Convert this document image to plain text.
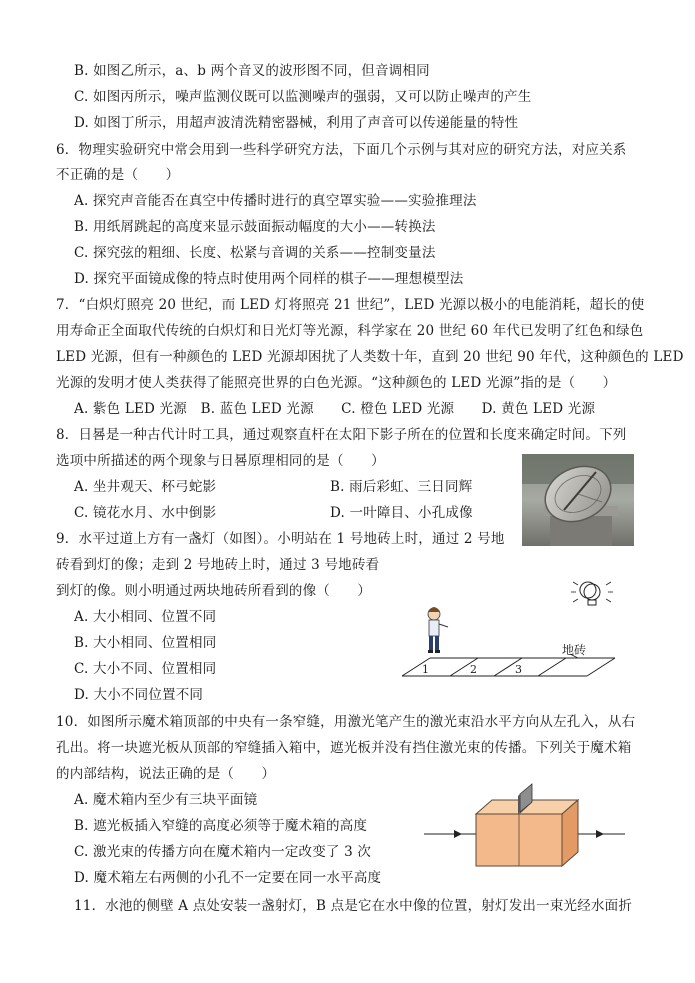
B. 如图乙所示，a、b 两个音叉的波形图不同，但音调相同
C. 如图丙所示，噪声监测仪既可以监测噪声的强弱，又可以防止噪声的产生
D. 如图丁所示，用超声波清洗精密器械，利用了声音可以传递能量的特性
6．物理实验研究中常会用到一些科学研究方法，下面几个示例与其对应的研究方法，对应关系
不正确的是（　　）
A. 探究声音能否在真空中传播时进行的真空罩实验——实验推理法
B. 用纸屑跳起的高度来显示鼓面振动幅度的大小——转换法
C. 探究弦的粗细、长度、松紧与音调的关系——控制变量法
D. 探究平面镜成像的特点时使用两个同样的棋子——理想模型法
7．“白炽灯照亮 20 世纪，而 LED 灯将照亮 21 世纪”，LED 光源以极小的电能消耗，超长的使
用寿命正全面取代传统的白炽灯和日光灯等光源，科学家在 20 世纪 60 年代已发明了红色和绿色
LED 光源，但有一种颜色的 LED 光源却困扰了人类数十年，直到 20 世纪 90 年代，这种颜色的 LED
光源的发明才使人类获得了能照亮世界的白色光源。“这种颜色的 LED 光源”指的是（　　）
A. 紫色 LED 光源　B. 蓝色 LED 光源　　C. 橙色 LED 光源　　D. 黄色 LED 光源
8．日晷是一种古代计时工具，通过观察直杆在太阳下影子所在的位置和长度来确定时间。下列
选项中所描述的两个现象与日晷原理相同的是（　　）
A. 坐井观天、杯弓蛇影	B. 雨后彩虹、三日同辉
C. 镜花水月、水中倒影	D. 一叶障目、小孔成像
9．水平过道上方有一盏灯（如图）。小明站在 1 号地砖上时，通过 2 号地
砖看到灯的像；走到 2 号地砖上时，通过 3 号地砖看
到灯的像。则小明通过两块地砖所看到的像（　　）
A. 大小相同、位置不同
B. 大小相同、位置相同
C. 大小不同、位置相同
D. 大小不同位置不同
10．如图所示魔术箱顶部的中央有一条窄缝，用激光笔产生的激光束沿水平方向从左孔入，从右
孔出。将一块遮光板从顶部的窄缝插入箱中，遮光板并没有挡住激光束的传播。下列关于魔术箱
的内部结构，说法正确的是（　　）
A. 魔术箱内至少有三块平面镜
B. 遮光板插入窄缝的高度必须等于魔术箱的高度
C. 激光束的传播方向在魔术箱内一定改变了 3 次
D. 魔术箱左右两侧的小孔不一定要在同一水平高度
11．水池的侧壁 A 点处安装一盏射灯，B 点是它在水中像的位置，射灯发出一束光经水面折
地砖
1	2	3
